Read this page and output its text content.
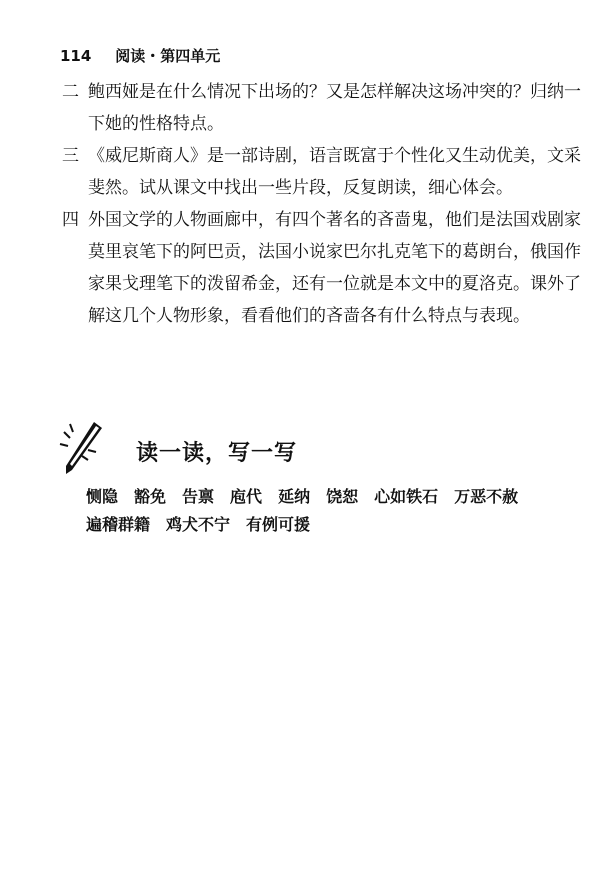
114 阅读・第四单元
二 鲍西娅是在什么情况下出场的？又是怎样解决这场冲突的？归纳一下她的性格特点。
三 《威尼斯商人》是一部诗剧，语言既富于个性化又生动优美，文采斐然。试从课文中找出一些片段，反复朗读，细心体会。
四 外国文学的人物画廊中，有四个著名的吝啬鬼，他们是法国戏剧家莫里哀笔下的阿巴贡，法国小说家巴尔扎克笔下的葛朗台，俄国作家果戈理笔下的泼留希金，还有一位就是本文中的夏洛克。课外了解这几个人物形象，看看他们的吝啬各有什么特点与表现。
读一读，写一写
恻隐 豁免 告禀 庖代 延纳 饶恕 心如铁石 万恶不赦
遍稽群籍 鸡犬不宁 有例可援
